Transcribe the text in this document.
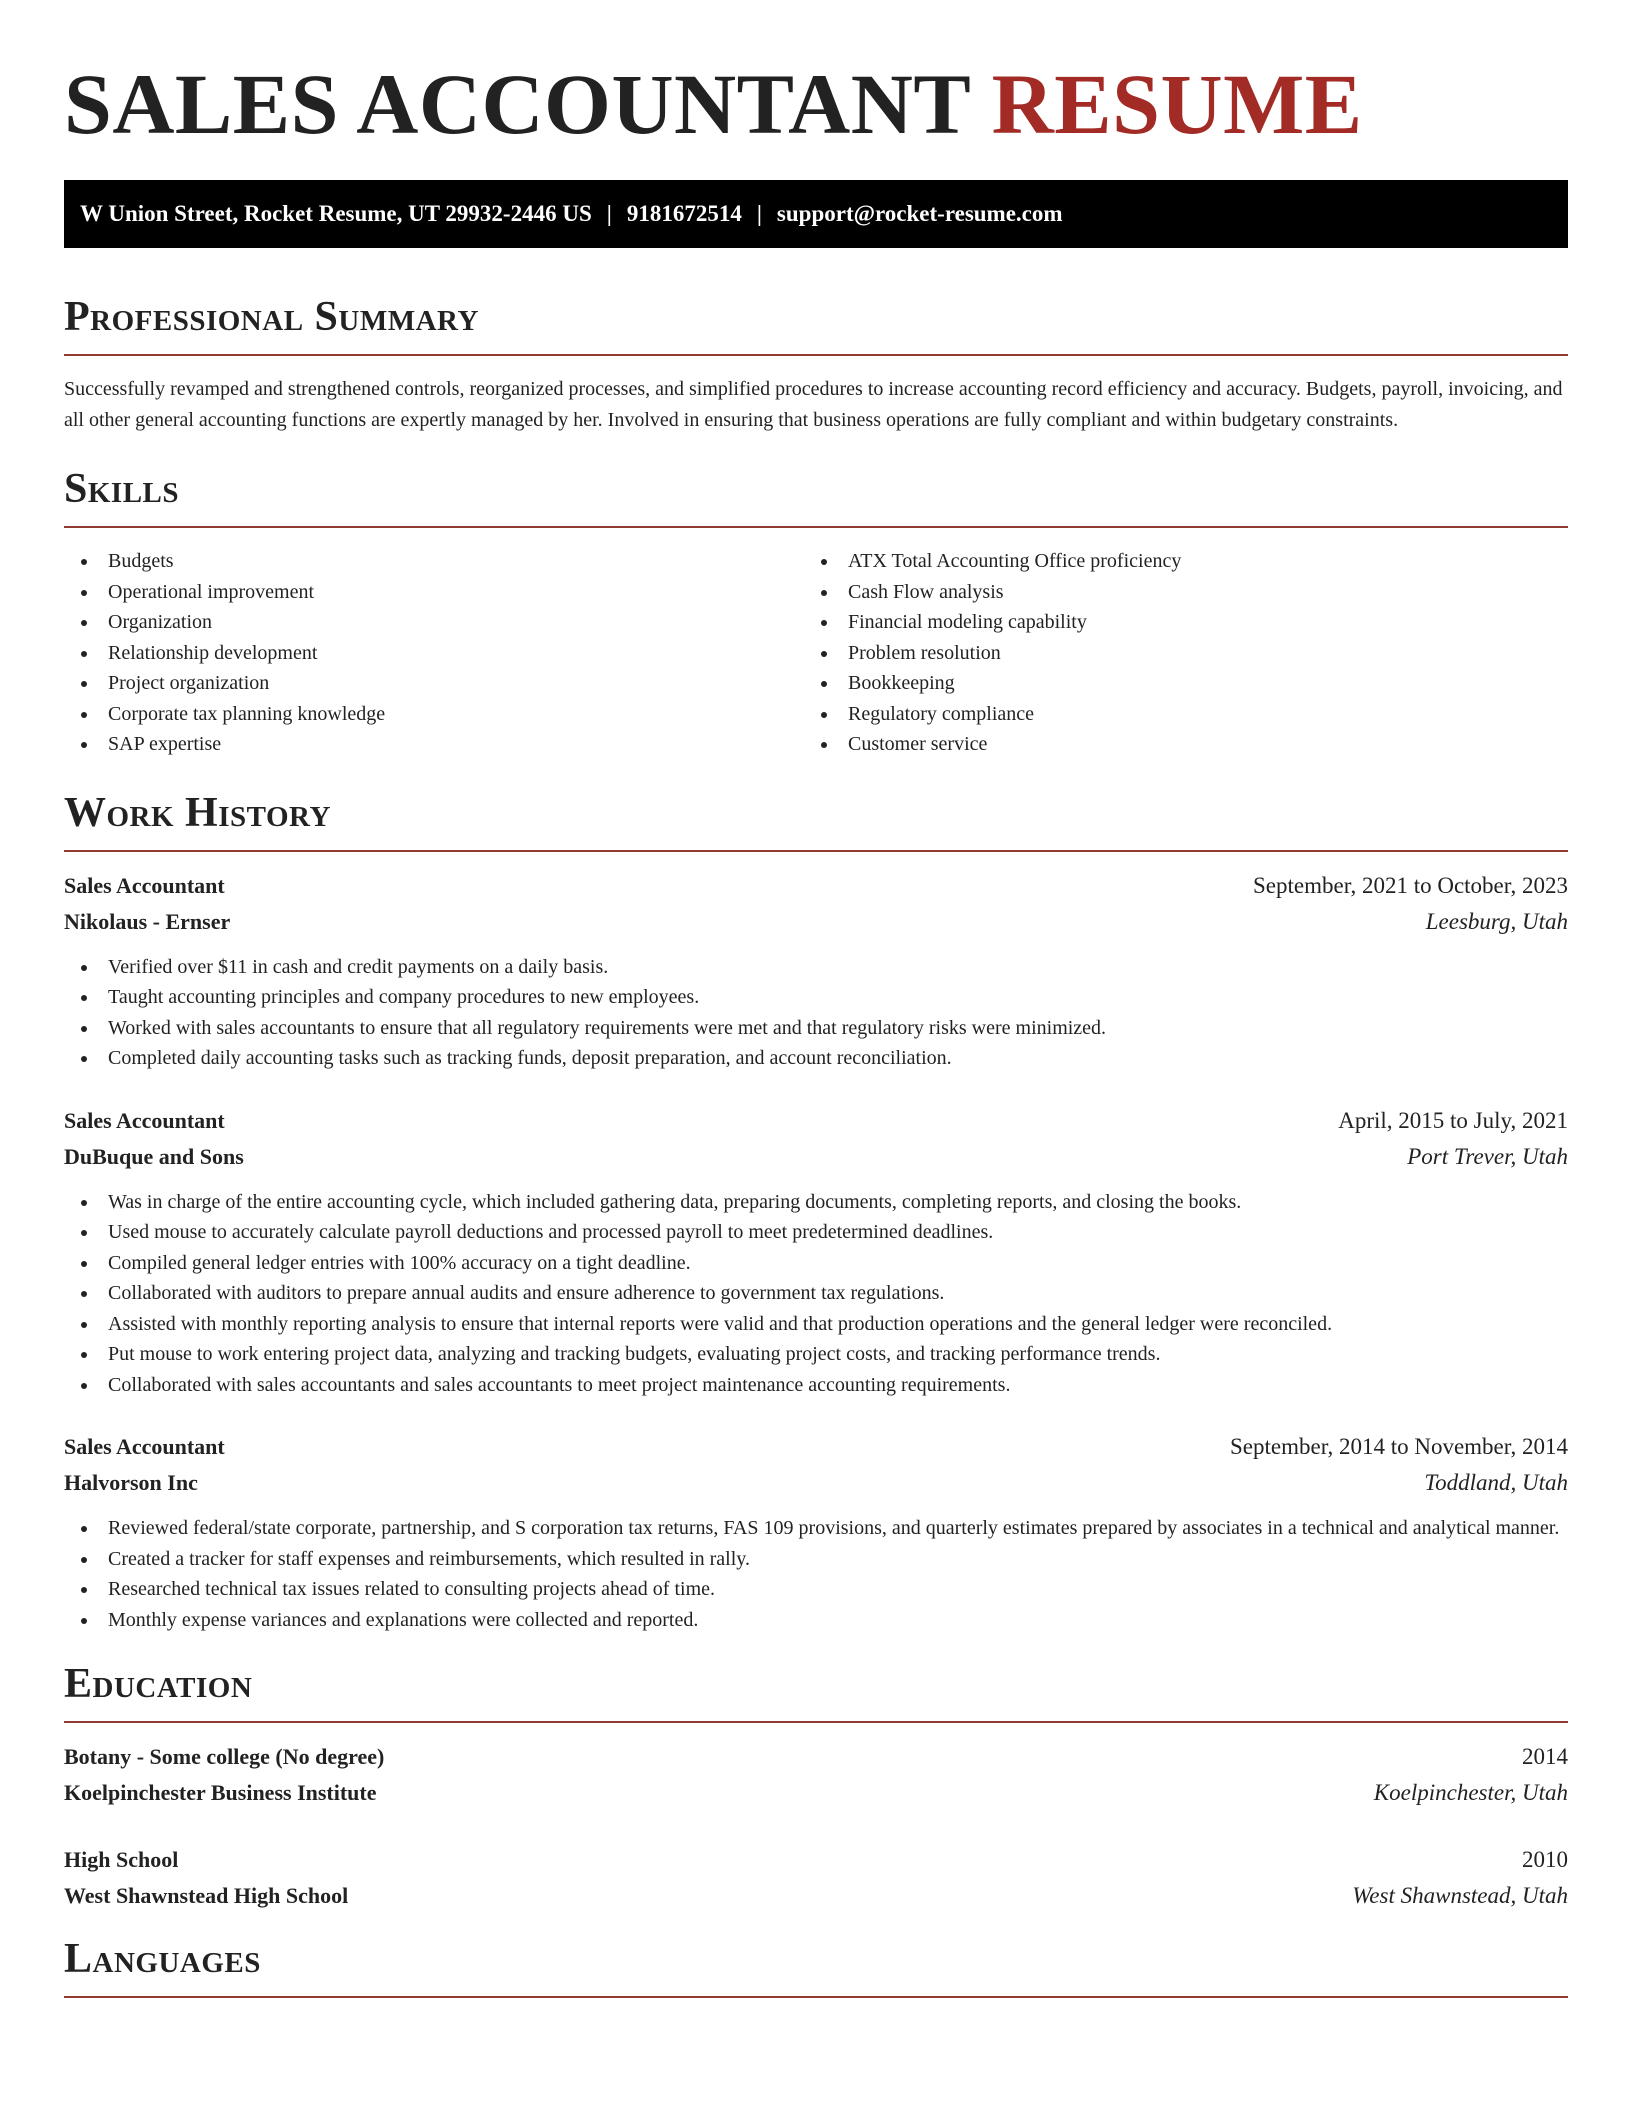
SALES ACCOUNTANT RESUME
W Union Street, Rocket Resume, UT 29932-2446 US | 9181672514 | support@rocket-resume.com
Professional Summary

Successfully revamped and strengthened controls, reorganized processes, and simplified procedures to increase accounting record efficiency and accuracy. Budgets, payroll, invoicing, and all other general accounting functions are expertly managed by her. Involved in ensuring that business operations are fully compliant and within budgetary constraints.

Skills
Budgets
Operational improvement
Organization
Relationship development
Project organization
Corporate tax planning knowledge
SAP expertise
ATX Total Accounting Office proficiency
Cash Flow analysis
Financial modeling capability
Problem resolution
Bookkeeping
Regulatory compliance
Customer service
Work History
Sales Accountant	September, 2021 to October, 2023
Nikolaus - Ernser	Leesburg, Utah
Verified over $11 in cash and credit payments on a daily basis.
Taught accounting principles and company procedures to new employees.
Worked with sales accountants to ensure that all regulatory requirements were met and that regulatory risks were minimized.
Completed daily accounting tasks such as tracking funds, deposit preparation, and account reconciliation.
Sales Accountant	April, 2015 to July, 2021
DuBuque and Sons	Port Trever, Utah
Was in charge of the entire accounting cycle, which included gathering data, preparing documents, completing reports, and closing the books.
Used mouse to accurately calculate payroll deductions and processed payroll to meet predetermined deadlines.
Compiled general ledger entries with 100% accuracy on a tight deadline.
Collaborated with auditors to prepare annual audits and ensure adherence to government tax regulations.
Assisted with monthly reporting analysis to ensure that internal reports were valid and that production operations and the general ledger were reconciled.
Put mouse to work entering project data, analyzing and tracking budgets, evaluating project costs, and tracking performance trends.
Collaborated with sales accountants and sales accountants to meet project maintenance accounting requirements.
Sales Accountant	September, 2014 to November, 2014
Halvorson Inc	Toddland, Utah
Reviewed federal/state corporate, partnership, and S corporation tax returns, FAS 109 provisions, and quarterly estimates prepared by associates in a technical and analytical manner.
Created a tracker for staff expenses and reimbursements, which resulted in rally.
Researched technical tax issues related to consulting projects ahead of time.
Monthly expense variances and explanations were collected and reported.
Education
Botany - Some college (No degree)	2014
Koelpinchester Business Institute	Koelpinchester, Utah
High School	2010
West Shawnstead High School	West Shawnstead, Utah
Languages
